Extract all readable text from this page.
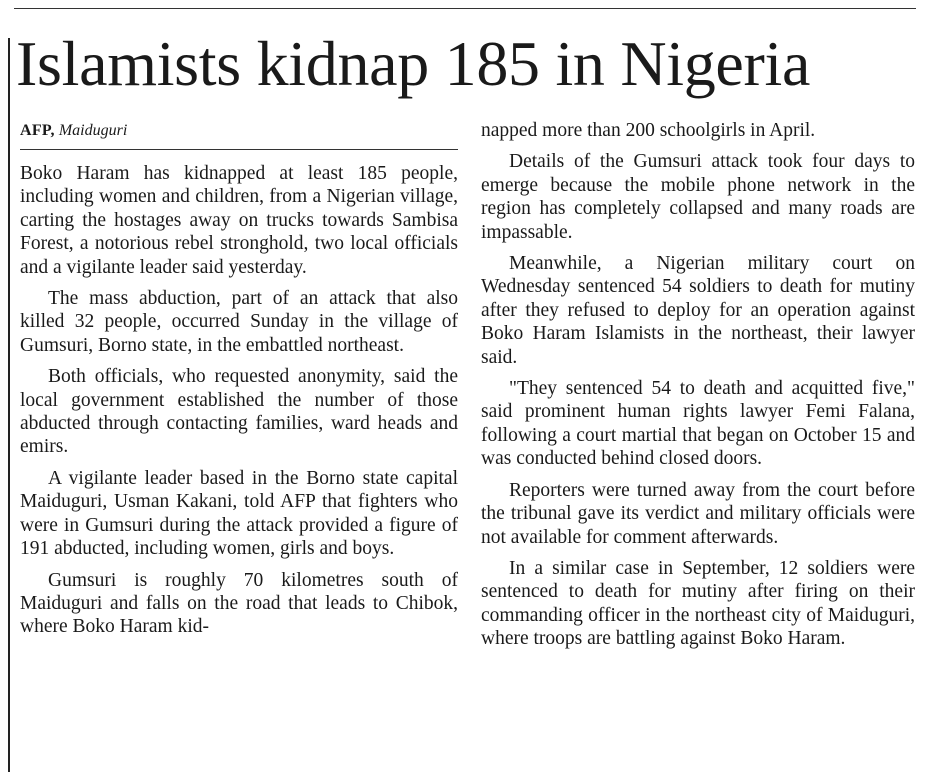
Islamists kidnap 185 in Nigeria
AFP, Maiduguri

Boko Haram has kidnapped at least 185 people, including women and children, from a Nigerian village, carting the hostages away on trucks towards Sambisa Forest, a notorious rebel stronghold, two local officials and a vigilante leader said yesterday.

The mass abduction, part of an attack that also killed 32 people, occurred Sunday in the village of Gumsuri, Borno state, in the embattled northeast.

Both officials, who requested anonymity, said the local government established the number of those abducted through contacting families, ward heads and emirs.

A vigilante leader based in the Borno state capital Maiduguri, Usman Kakani, told AFP that fighters who were in Gumsuri during the attack provided a figure of 191 abducted, including women, girls and boys.

Gumsuri is roughly 70 kilometres south of Maiduguri and falls on the road that leads to Chibok, where Boko Haram kid-

napped more than 200 schoolgirls in April.

Details of the Gumsuri attack took four days to emerge because the mobile phone network in the region has completely collapsed and many roads are impassable.

Meanwhile, a Nigerian military court on Wednesday sentenced 54 soldiers to death for mutiny after they refused to deploy for an operation against Boko Haram Islamists in the northeast, their lawyer said.

"They sentenced 54 to death and acquitted five," said prominent human rights lawyer Femi Falana, following a court martial that began on October 15 and was conducted behind closed doors.

Reporters were turned away from the court before the tribunal gave its verdict and military officials were not available for comment afterwards.

In a similar case in September, 12 soldiers were sentenced to death for mutiny after firing on their commanding officer in the northeast city of Maiduguri, where troops are battling against Boko Haram.
